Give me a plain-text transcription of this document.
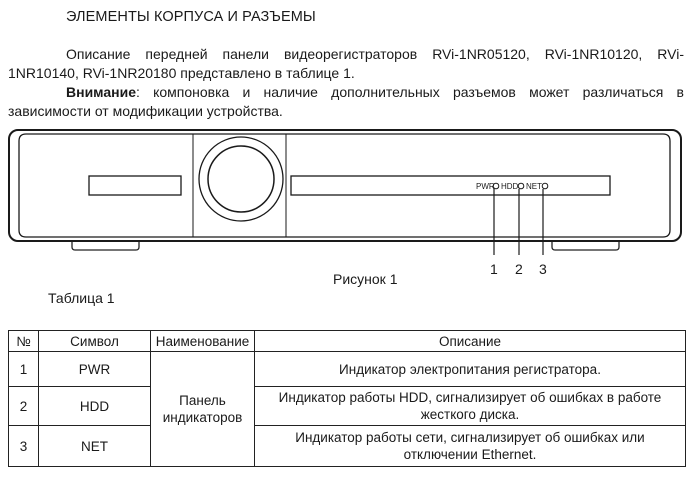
ЭЛЕМЕНТЫ КОРПУСА И РАЗЪЕМЫ
Описание передней панели видеорегистраторов RVi-1NR05120, RVi-1NR10120, RVi-1NR10140, RVi-1NR20180 представлено в таблице 1.
Внимание: компоновка и наличие дополнительных разъемов может различаться в зависимости от модификации устройства.
PWR HDD NET
1 2 3
Рисунок 1
Таблица 1
№	Символ	Наименование	Описание
1	PWR	Панель индикаторов	Индикатор электропитания регистратора.
2	HDD		Индикатор работы HDD, сигнализирует об ошибках в работе жесткого диска.
3	NET		Индикатор работы сети, сигнализирует об ошибках или отключении Ethernet.
